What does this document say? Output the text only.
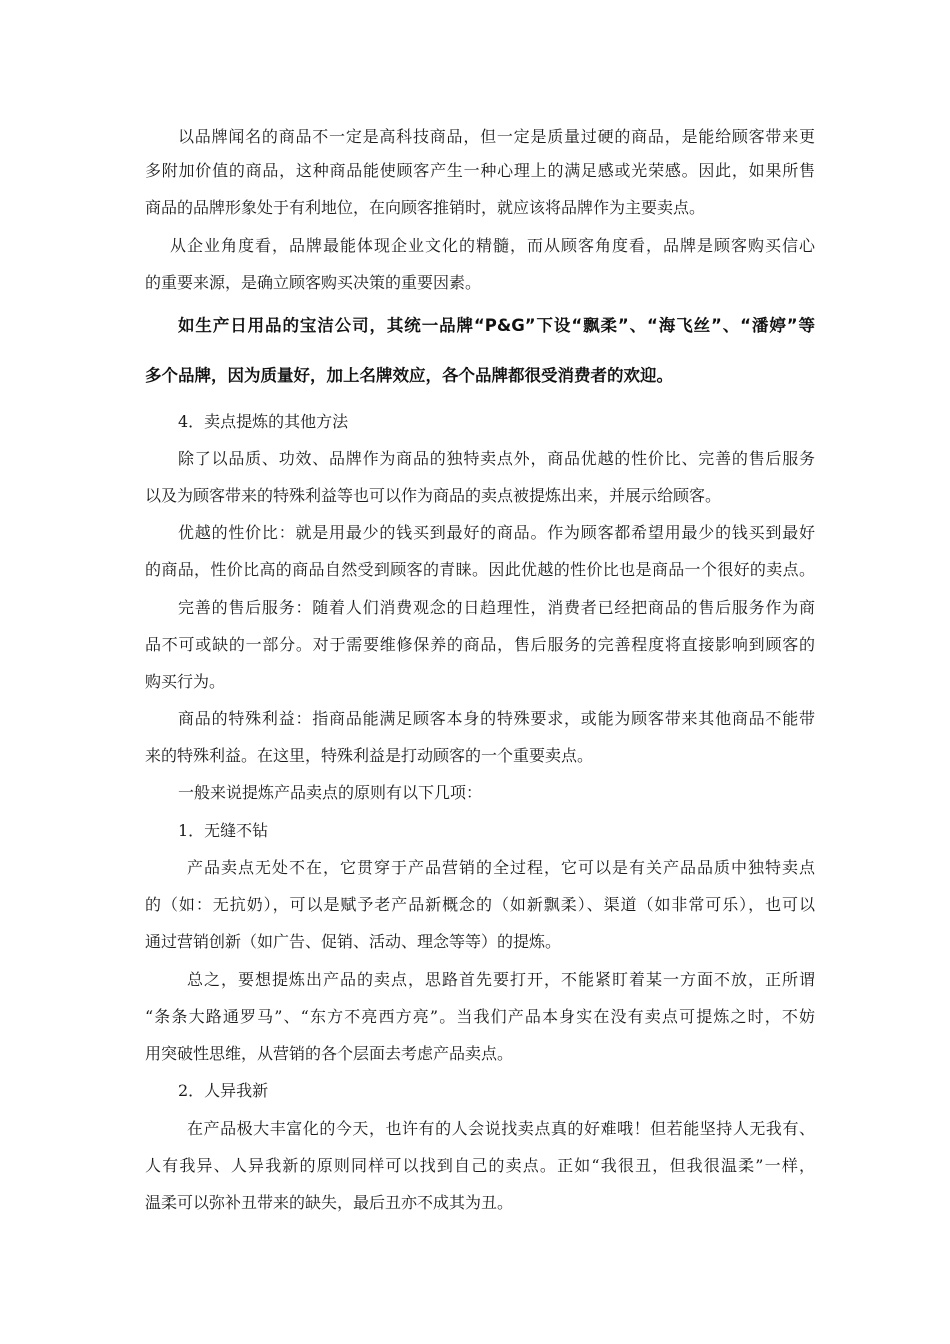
以品牌闻名的商品不一定是高科技商品，但一定是质量过硬的商品，是能给顾客带来更

多附加价值的商品，这种商品能使顾客产生一种心理上的满足感或光荣感。因此，如果所售

商品的品牌形象处于有利地位，在向顾客推销时，就应该将品牌作为主要卖点。

从企业角度看，品牌最能体现企业文化的精髓，而从顾客角度看，品牌是顾客购买信心

的重要来源，是确立顾客购买决策的重要因素。

如生产日用品的宝洁公司，其统一品牌“P&G”下设“飘柔”、“海飞丝”、“潘婷”等

多个品牌，因为质量好，加上名牌效应，各个品牌都很受消费者的欢迎。

4．卖点提炼的其他方法

除了以品质、功效、品牌作为商品的独特卖点外，商品优越的性价比、完善的售后服务

以及为顾客带来的特殊利益等也可以作为商品的卖点被提炼出来，并展示给顾客。

优越的性价比：就是用最少的钱买到最好的商品。作为顾客都希望用最少的钱买到最好

的商品，性价比高的商品自然受到顾客的青睐。因此优越的性价比也是商品一个很好的卖点。

完善的售后服务：随着人们消费观念的日趋理性，消费者已经把商品的售后服务作为商

品不可或缺的一部分。对于需要维修保养的商品，售后服务的完善程度将直接影响到顾客的

购买行为。

商品的特殊利益：指商品能满足顾客本身的特殊要求，或能为顾客带来其他商品不能带

来的特殊利益。在这里，特殊利益是打动顾客的一个重要卖点。

一般来说提炼产品卖点的原则有以下几项：

1．无缝不钻

产品卖点无处不在，它贯穿于产品营销的全过程，它可以是有关产品品质中独特卖点

的（如：无抗奶），可以是赋予老产品新概念的（如新飘柔）、渠道（如非常可乐），也可以

通过营销创新（如广告、促销、活动、理念等等）的提炼。

总之，要想提炼出产品的卖点，思路首先要打开，不能紧盯着某一方面不放，正所谓

“条条大路通罗马”、“东方不亮西方亮”。当我们产品本身实在没有卖点可提炼之时，不妨

用突破性思维，从营销的各个层面去考虑产品卖点。

2．人异我新

在产品极大丰富化的今天，也许有的人会说找卖点真的好难哦！但若能坚持人无我有、

人有我异、人异我新的原则同样可以找到自己的卖点。正如“我很丑，但我很温柔”一样，

温柔可以弥补丑带来的缺失，最后丑亦不成其为丑。
